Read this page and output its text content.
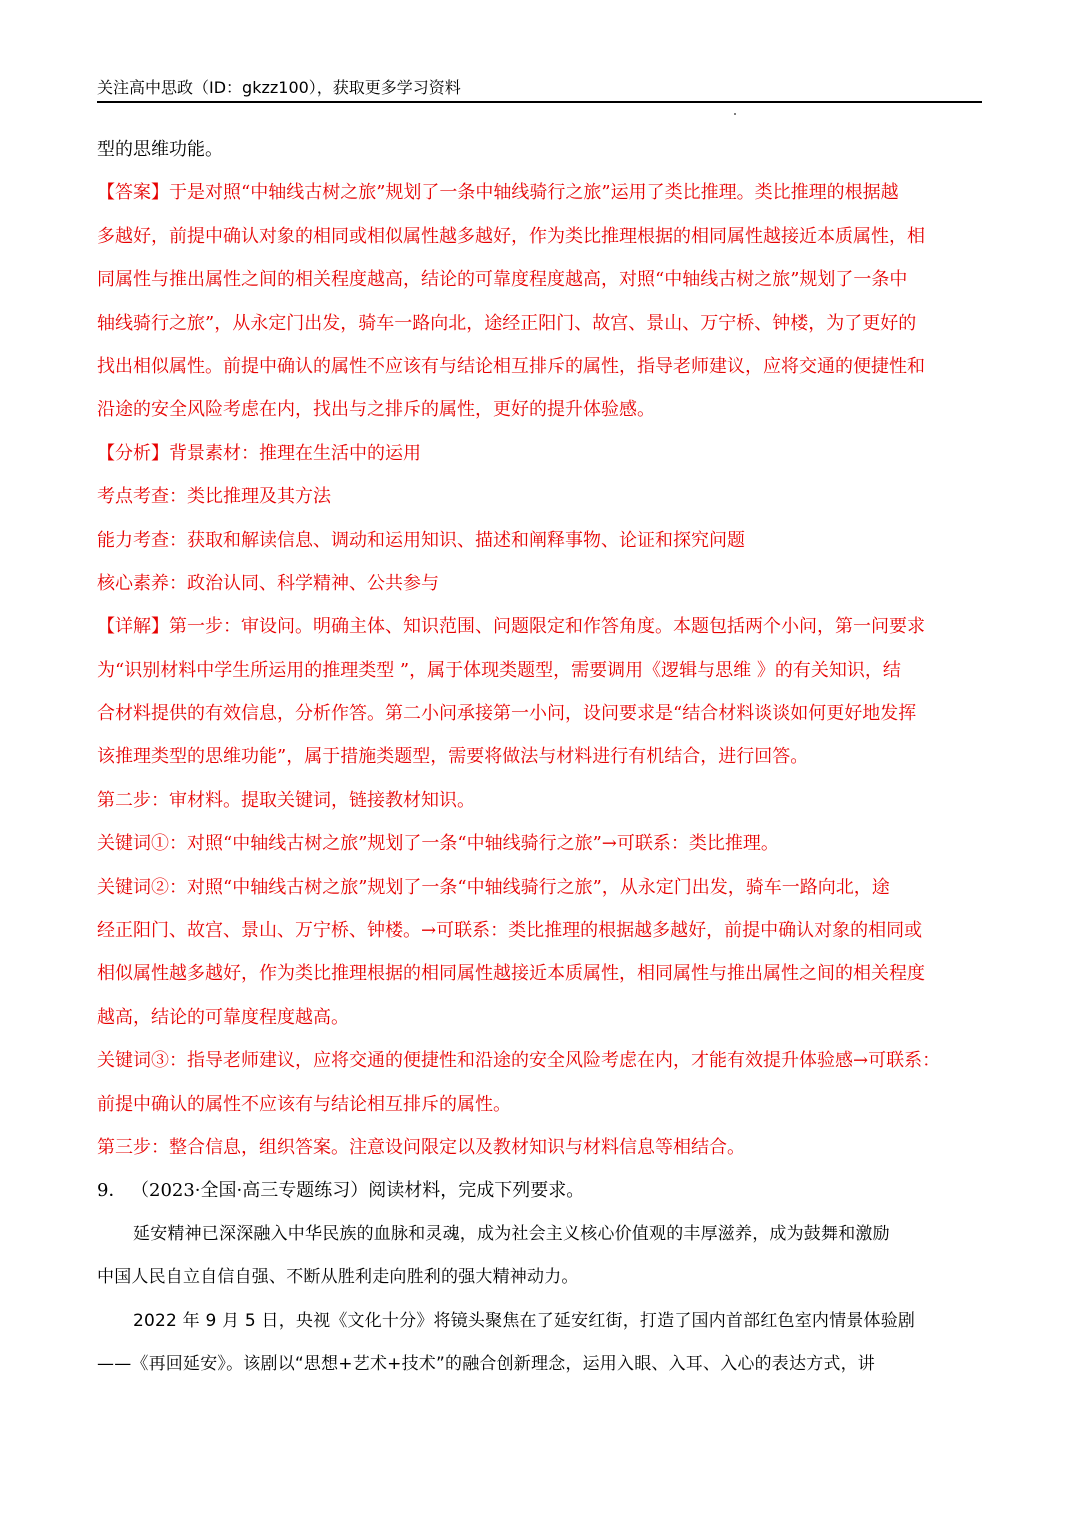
关注高中思政（ID：gkzz100），获取更多学习资料
型的思维功能。
【答案】于是对照“中轴线古树之旅”规划了一条中轴线骑行之旅”运用了类比推理。类比推理的根据越
多越好，前提中确认对象的相同或相似属性越多越好，作为类比推理根据的相同属性越接近本质属性，相
同属性与推出属性之间的相关程度越高，结论的可靠度程度越高，对照“中轴线古树之旅”规划了一条中
轴线骑行之旅”，从永定门出发，骑车一路向北，途经正阳门、故宫、景山、万宁桥、钟楼，为了更好的
找出相似属性。前提中确认的属性不应该有与结论相互排斥的属性，指导老师建议，应将交通的便捷性和
沿途的安全风险考虑在内，找出与之排斥的属性，更好的提升体验感。
【分析】背景素材：推理在生活中的运用
考点考查：类比推理及其方法
能力考查：获取和解读信息、调动和运用知识、描述和阐释事物、论证和探究问题
核心素养：政治认同、科学精神、公共参与
【详解】第一步：审设问。明确主体、知识范围、问题限定和作答角度。本题包括两个小问，第一问要求
为“识别材料中学生所运用的推理类型 ”，属于体现类题型，需要调用《逻辑与思维 》的有关知识，结
合材料提供的有效信息，分析作答。第二小问承接第一小问，设问要求是“结合材料谈谈如何更好地发挥
该推理类型的思维功能”，属于措施类题型，需要将做法与材料进行有机结合，进行回答。
第二步：审材料。提取关键词，链接教材知识。
关键词①：对照“中轴线古树之旅”规划了一条“中轴线骑行之旅”→可联系：类比推理。
关键词②：对照“中轴线古树之旅”规划了一条“中轴线骑行之旅”，从永定门出发，骑车一路向北，途
经正阳门、故宫、景山、万宁桥、钟楼。→可联系：类比推理的根据越多越好，前提中确认对象的相同或
相似属性越多越好，作为类比推理根据的相同属性越接近本质属性，相同属性与推出属性之间的相关程度
越高，结论的可靠度程度越高。
关键词③：指导老师建议，应将交通的便捷性和沿途的安全风险考虑在内，才能有效提升体验感→可联系：
前提中确认的属性不应该有与结论相互排斥的属性。
第三步：整合信息，组织答案。注意设问限定以及教材知识与材料信息等相结合。
9． （2023·全国·高三专题练习）阅读材料，完成下列要求。
延安精神已深深融入中华民族的血脉和灵魂，成为社会主义核心价值观的丰厚滋养，成为鼓舞和激励
中国人民自立自信自强、不断从胜利走向胜利的强大精神动力。
2022 年 9 月 5 日，央视《文化十分》将镜头聚焦在了延安红街，打造了国内首部红色室内情景体验剧
——《再回延安》。该剧以“思想+艺术+技术”的融合创新理念，运用入眼、入耳、入心的表达方式，讲
